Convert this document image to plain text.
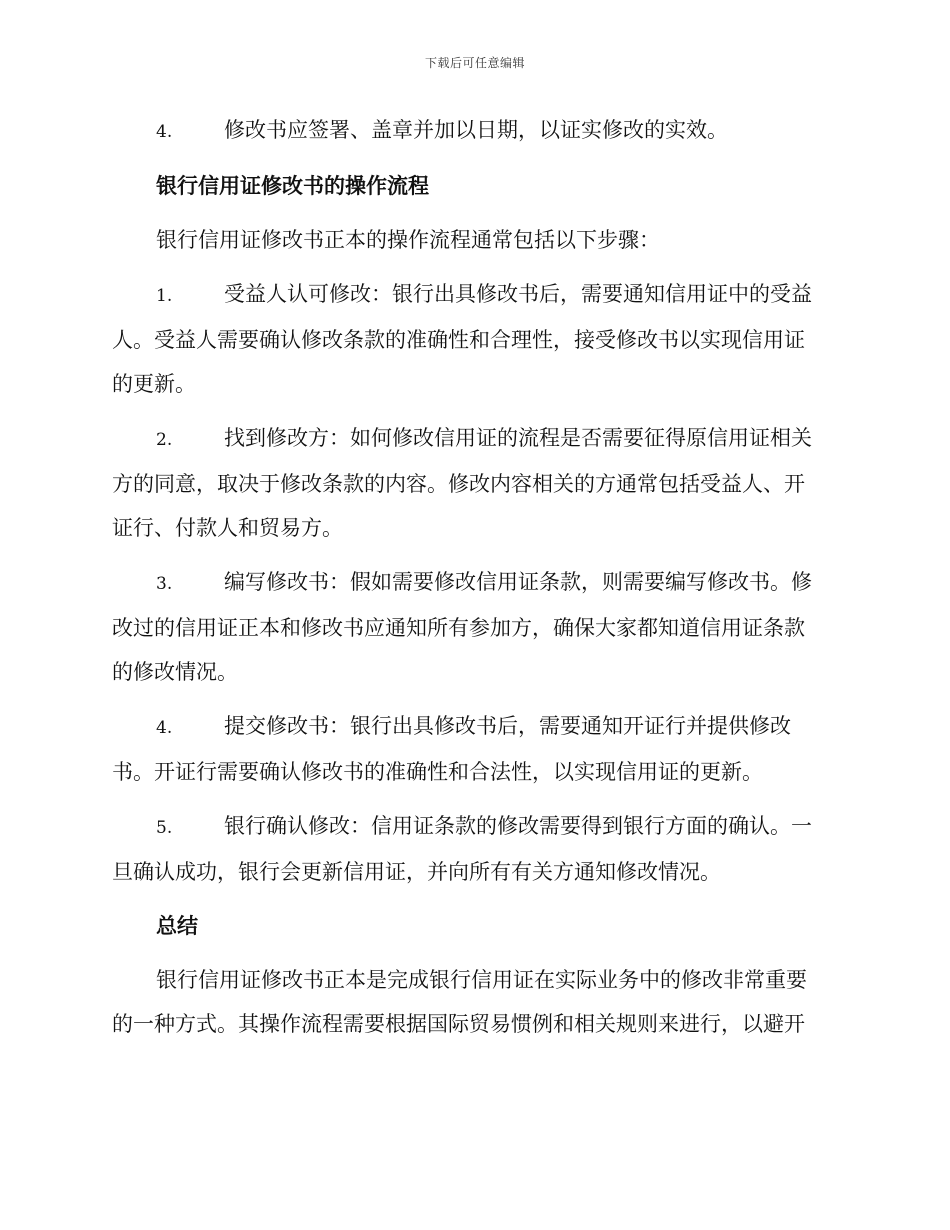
下载后可任意编辑
4. 修改书应签署、盖章并加以日期，以证实修改的实效。
银行信用证修改书的操作流程
银行信用证修改书正本的操作流程通常包括以下步骤：
1. 受益人认可修改：银行出具修改书后，需要通知信用证中的受益
人。受益人需要确认修改条款的准确性和合理性，接受修改书以实现信用证
的更新。
2. 找到修改方：如何修改信用证的流程是否需要征得原信用证相关
方的同意，取决于修改条款的内容。修改内容相关的方通常包括受益人、开
证行、付款人和贸易方。
3. 编写修改书：假如需要修改信用证条款，则需要编写修改书。修
改过的信用证正本和修改书应通知所有参加方，确保大家都知道信用证条款
的修改情况。
4. 提交修改书：银行出具修改书后，需要通知开证行并提供修改
书。开证行需要确认修改书的准确性和合法性，以实现信用证的更新。
5. 银行确认修改：信用证条款的修改需要得到银行方面的确认。一
旦确认成功，银行会更新信用证，并向所有有关方通知修改情况。
总结
银行信用证修改书正本是完成银行信用证在实际业务中的修改非常重要
的一种方式。其操作流程需要根据国际贸易惯例和相关规则来进行，以避开
